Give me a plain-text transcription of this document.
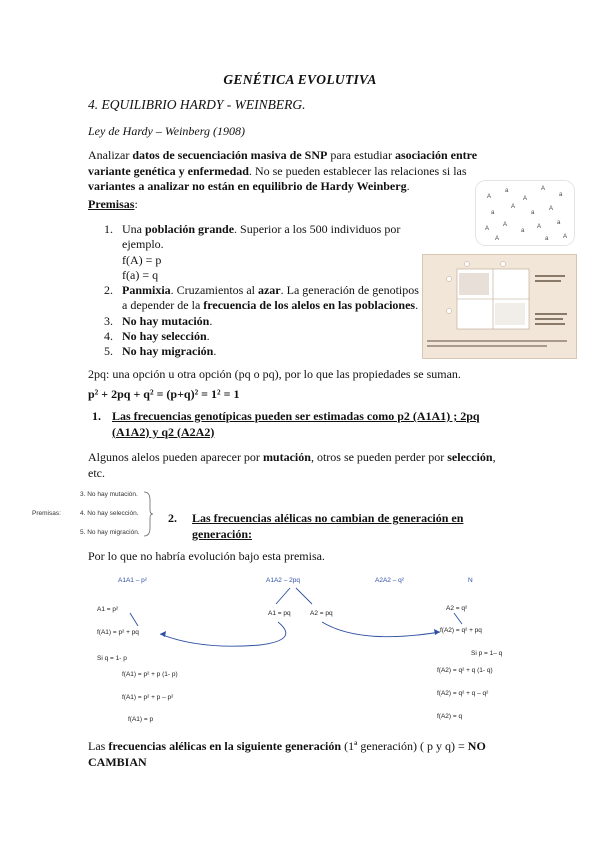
GENÉTICA EVOLUTIVA
4. EQUILIBRIO HARDY - WEINBERG.
Ley de Hardy – Weinberg (1908)
Analizar datos de secuenciación masiva de SNP para estudiar asociación entre variante genética y enfermedad. No se pueden establecer las relaciones si las variantes a analizar no están en equilibrio de Hardy Weinberg.
Premisas:
1. Una población grande. Superior a los 500 individuos por ejemplo.
f(A) = p
f(a) = q
2. Panmixia. Cruzamientos al azar. La generación de genotipos va a depender de la frecuencia de los alelos en las poblaciones.
3. No hay mutación.
4. No hay selección.
5. No hay migración.
A
a
A
A
a
a
A
a
A
A
A
a
A
a
A	a A
2pq: una opción u otra opción (pq o pq), por lo que las propiedades se suman.
p² + 2pq + q² = (p+q)² = 1² = 1
1. Las frecuencias genotípicas pueden ser estimadas como p2 (A1A1) ; 2pq (A1A2) y q2 (A2A2)
Algunos alelos pueden aparecer por mutación, otros se pueden perder por selección, etc.
Premisas:
3. No hay mutación.
4. No hay selección.
5. No hay migración.
2.	Las frecuencias alélicas no cambian de generación en generación:
Por lo que no habría evolución bajo esta premisa.
A1A1 – p²	A1A2 – 2pq	A2A2 – q²	N
A1 = p²
A1 = pq	A2 = pq
A2 = q²
f(A1) = p² + pq	f(A2) = q² + pq
Si q = 1- p
Si p = 1– q
f(A1) = p² + p (1- p)
f(A1) = p² + p – p²
f(A1) = p
f(A2) = q² + q (1- q)
f(A2) = q² + q – q²
f(A2) = q
Las frecuencias alélicas en la siguiente generación (1ª generación) ( p y q) = NO CAMBIAN
